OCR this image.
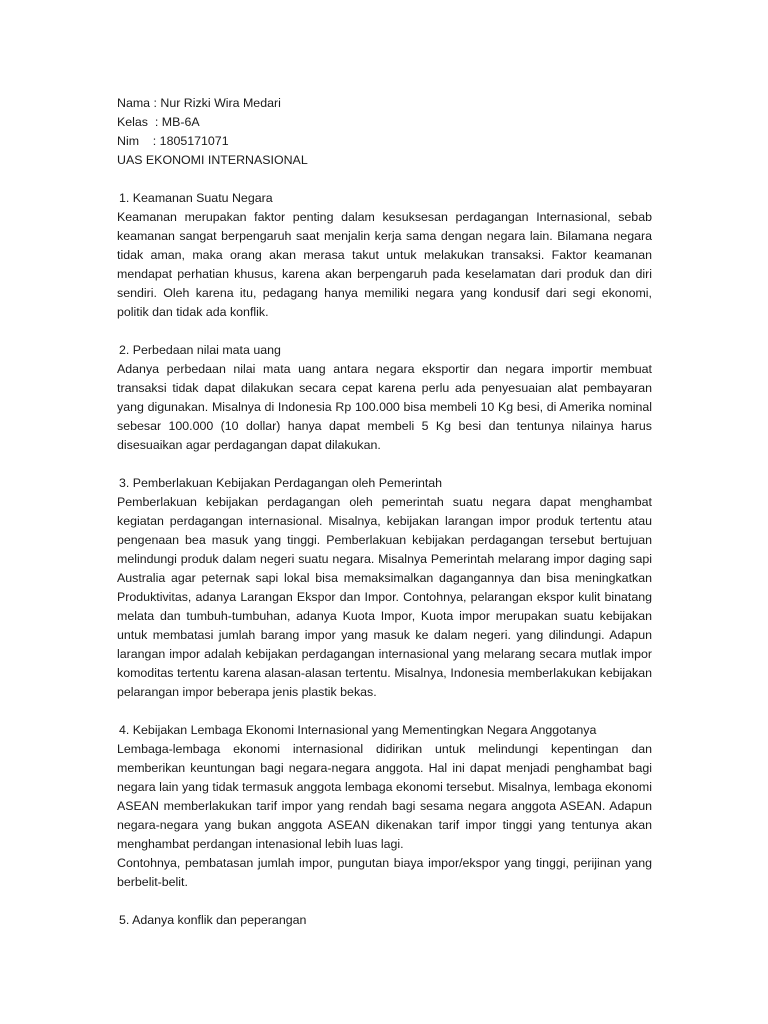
Nama : Nur Rizki Wira Medari
Kelas  : MB-6A
Nim    : 1805171071
UAS EKONOMI INTERNASIONAL
1. Keamanan Suatu Negara
Keamanan merupakan faktor penting dalam kesuksesan perdagangan Internasional, sebab keamanan sangat berpengaruh saat menjalin kerja sama dengan negara lain. Bilamana negara tidak aman, maka orang akan merasa takut untuk melakukan transaksi. Faktor keamanan mendapat perhatian khusus, karena akan berpengaruh pada keselamatan dari produk dan diri sendiri. Oleh karena itu, pedagang hanya memiliki negara yang kondusif dari segi ekonomi, politik dan tidak ada konflik.
2. Perbedaan nilai mata uang
Adanya perbedaan nilai mata uang antara negara eksportir dan negara importir membuat transaksi tidak dapat dilakukan secara cepat karena perlu ada penyesuaian alat pembayaran yang digunakan. Misalnya di Indonesia Rp 100.000 bisa membeli 10 Kg besi, di Amerika nominal sebesar 100.000 (10 dollar) hanya dapat membeli 5 Kg besi dan tentunya nilainya harus disesuaikan agar perdagangan dapat dilakukan.
3. Pemberlakuan Kebijakan Perdagangan oleh Pemerintah
Pemberlakuan kebijakan perdagangan oleh pemerintah suatu negara dapat menghambat kegiatan perdagangan internasional. Misalnya, kebijakan larangan impor produk tertentu atau pengenaan bea masuk yang tinggi. Pemberlakuan kebijakan perdagangan tersebut bertujuan melindungi produk dalam negeri suatu negara. Misalnya Pemerintah melarang impor daging sapi Australia agar peternak sapi lokal bisa memaksimalkan dagangannya dan bisa meningkatkan Produktivitas, adanya Larangan Ekspor dan Impor. Contohnya, pelarangan ekspor kulit binatang melata dan tumbuh-tumbuhan, adanya Kuota Impor, Kuota impor merupakan suatu kebijakan untuk membatasi jumlah barang impor yang masuk ke dalam negeri. yang dilindungi. Adapun larangan impor adalah kebijakan perdagangan internasional yang melarang secara mutlak impor komoditas tertentu karena alasan-alasan tertentu. Misalnya, Indonesia memberlakukan kebijakan pelarangan impor beberapa jenis plastik bekas.
4. Kebijakan Lembaga Ekonomi Internasional yang Mementingkan Negara Anggotanya
Lembaga-lembaga ekonomi internasional didirikan untuk melindungi kepentingan dan memberikan keuntungan bagi negara-negara anggota. Hal ini dapat menjadi penghambat bagi negara lain yang tidak termasuk anggota lembaga ekonomi tersebut. Misalnya, lembaga ekonomi ASEAN memberlakukan tarif impor yang rendah bagi sesama negara anggota ASEAN. Adapun negara-negara yang bukan anggota ASEAN dikenakan tarif impor tinggi yang tentunya akan menghambat perdangan intenasional lebih luas lagi.
Contohnya, pembatasan jumlah impor, pungutan biaya impor/ekspor yang tinggi, perijinan yang berbelit-belit.
5. Adanya konflik dan peperangan
